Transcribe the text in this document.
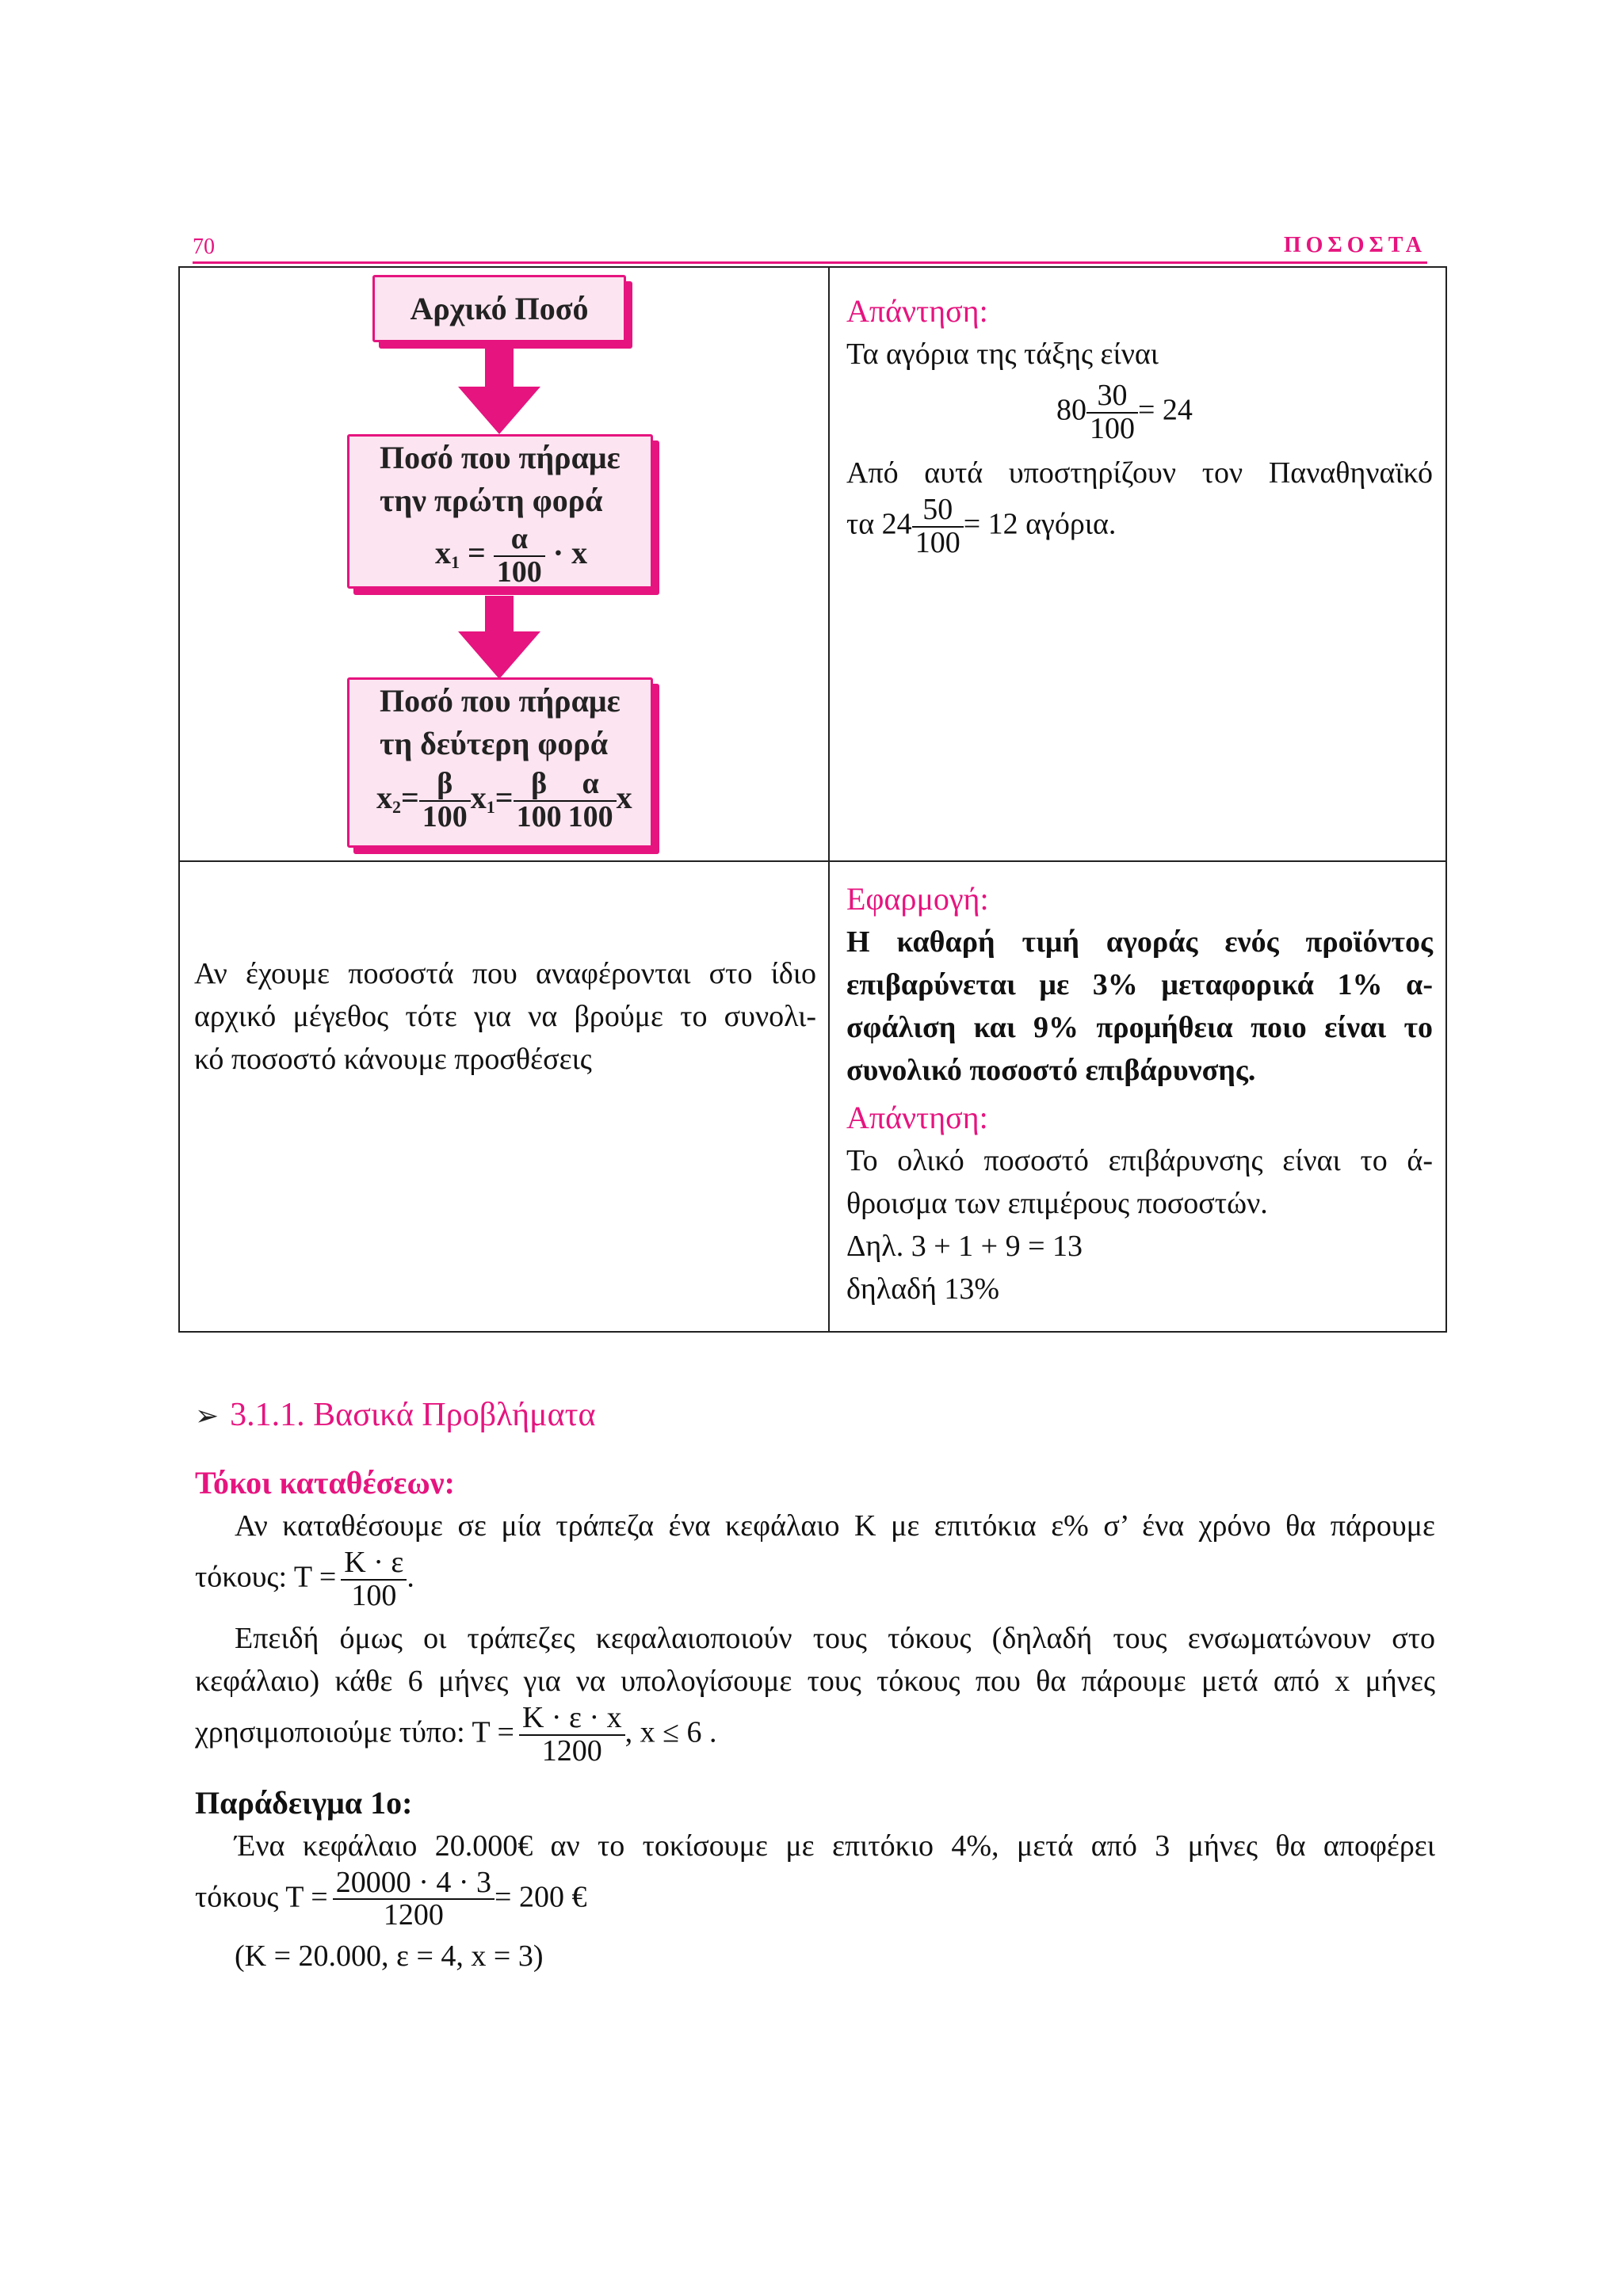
70	ΠΟΣΟΣΤΑ
Αρχικό Ποσό
Ποσό που πήραμε
την πρώτη φορά
$x_1 = \frac{\alpha}{100} \cdot x$
Ποσό που πήραμε
τη δεύτερη φορά
$x_2= \frac{\beta}{100} x_1= \frac{\beta}{100} \frac{\alpha}{100}$ x
Απάντηση:
Τα αγόρια της τάξης είναι
$80 \frac{30}{100} = 24$
Από αυτά υποστηρίζουν τον Παναθηναϊκό
τα $24 \frac{50}{100} = 12$ αγόρια.
Αν έχουμε ποσοστά που αναφέρονται στο ίδιο
αρχικό μέγεθος τότε για να βρούμε το συνολι-
κό ποσοστό κάνουμε προσθέσεις
Εφαρμογή:
Η καθαρή τιμή αγοράς ενός προϊόντος
επιβαρύνεται με 3% μεταφορικά 1% α-
σφάλιση και 9% προμήθεια ποιο είναι το
συνολικό ποσοστό επιβάρυνσης.
Απάντηση:
Το ολικό ποσοστό επιβάρυνσης είναι το ά-
θροισμα των επιμέρους ποσοστών.
Δηλ. 3 + 1 + 9 = 13
δηλαδή 13%
➢ 3.1.1. Βασικά Προβλήματα
Τόκοι καταθέσεων:
Αν καταθέσουμε σε μία τράπεζα ένα κεφάλαιο Κ με επιτόκια ε% σ’ ένα χρόνο θα πάρουμε
τόκους: $T = \frac{K \cdot \varepsilon}{100}$ .
Επειδή όμως οι τράπεζες κεφαλαιοποιούν τους τόκους (δηλαδή τους ενσωματώνουν στο
κεφάλαιο) κάθε 6 μήνες για να υπολογίσουμε τους τόκους που θα πάρουμε μετά από x μήνες
χρησιμοποιούμε τύπο: $T = \frac{K \cdot \varepsilon \cdot x}{1200}$ , x ≤ 6 .
Παράδειγμα 1ο:
Ένα κεφάλαιο 20.000€ αν το τοκίσουμε με επιτόκιο 4%, μετά από 3 μήνες θα αποφέρει
τόκους $T = \frac{20000 \cdot 4 \cdot 3}{1200} = 200$ €
(Κ = 20.000, ε = 4, x = 3)
